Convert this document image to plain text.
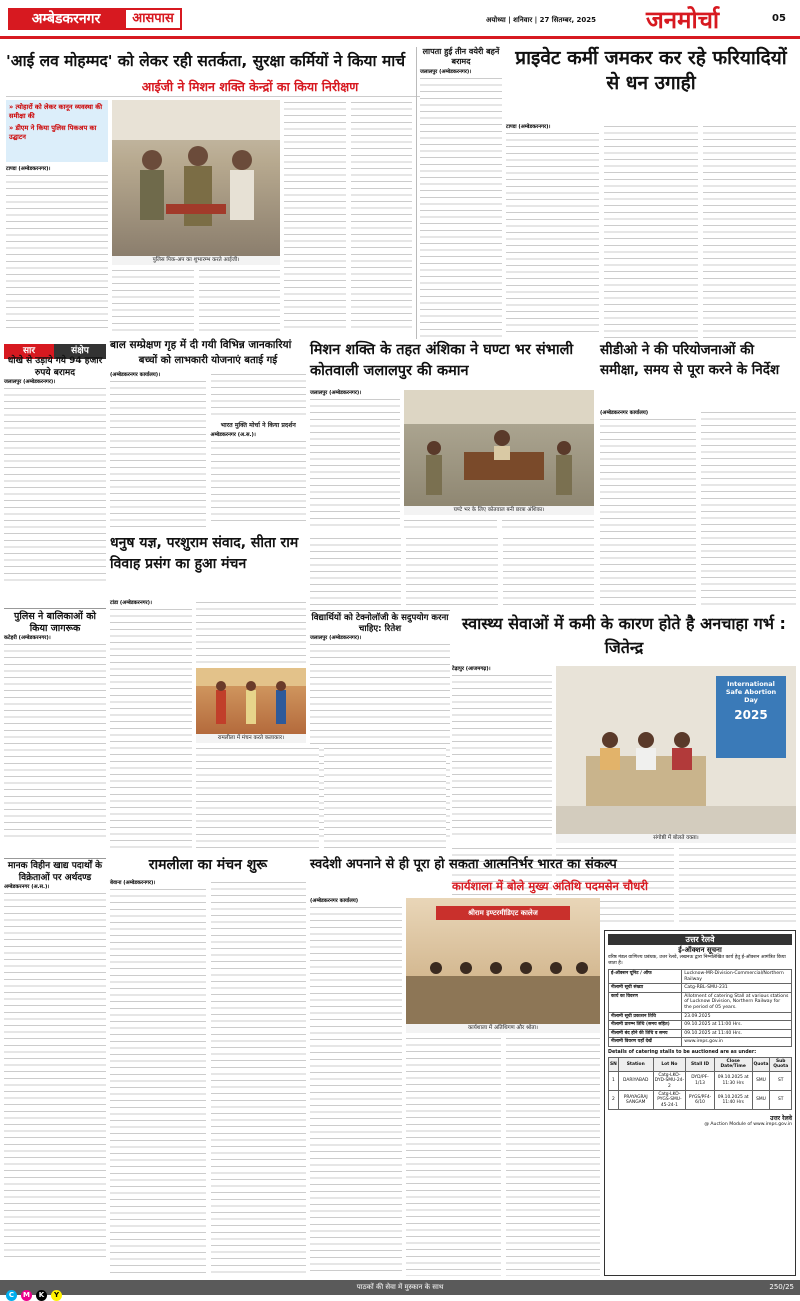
अम्बेडकरनगर	आसपास	अयोध्या | शनिवार | 27 सितम्बर, 2025	जनमोर्चा	05
'आई लव मोहम्मद' को लेकर रही सतर्कता, सुरक्षा कर्मियों ने किया मार्च
आईजी ने मिशन शक्ति केन्द्रों का किया निरीक्षण
» त्योहारों को लेकर कानून व्यवस्था की समीक्षा की
» डीएम ने किया पुलिस पिकअप का उद्घाटन
टाण्डा (अम्बेडकरनगर)।
पुलिस पिक-अप का शुभारम्भ करते आईजी।
लापता हुई तीन वयेरी बहनें बरामद
जलालपुर (अम्बेडकरनगर)।
प्राइवेट कर्मी जमकर कर रहे फरियादियों से धन उगाही
टाण्डा (अम्बेडकरनगर)।
सार	संक्षेप
धोखे से उड़ाये गये 94 हजार रुपये बरामद
जलालपुर (अम्बेडकरनगर)।
पुलिस ने बालिकाओं को किया जागरूक
कटेहरी (अम्बेडकरनगर)।
मानक विहीन खाद्य पदार्थों के विक्रेताओं पर अर्थदण्ड
अम्बेडकरनगर (अ.स.)।
बाल सम्प्रेक्षण गृह में दी गयी विभिन्न जानकारियां
बच्चों को लाभकारी योजनाएं बताई गई
(अम्बेडकरनगर कार्यालय)।
भारत मुक्ति मोर्चा ने किया प्रदर्शन
अम्बेडकरनगर (अ.स.)।
मिशन शक्ति के तहत अंशिका ने घण्टा भर संभाली कोतवाली जलालपुर की कमान
जलालपुर (अम्बेडकरनगर)।
घण्टे भर के लिए कोतवाल बनी छात्रा अंशिका।
सीडीओ ने की परियोजनाओं की समीक्षा, समय से पूरा करने के निर्देश
(अम्बेडकरनगर कार्यालय)
विद्यार्थियों को टेक्नोलॉजी के सदुपयोग करना चाहिए: रितेश
जलालपुर (अम्बेडकरनगर)।
धनुष यज्ञ, परशुराम संवाद, सीता राम विवाह प्रसंग का हुआ मंचन
रामलीला में मंचन करते कलाकार।
टांडा (अम्बेडकरनगर)।
स्वास्थ्य सेवाओं में कमी के कारण होते है अनचाहा गर्भ : जितेन्द्र
टेढ़ापुर (आजमगढ़)।
International Safe Abortion Day
2025
संगोष्ठी में बोलते वक्ता।
रामलीला का मंचन शुरू
बेवाना (अम्बेडकरनगर)।
स्वदेशी अपनाने से ही पूरा हो सकता आत्मनिर्भर भारत का संकल्प
कार्यशाला में बोले मुख्य अतिथि पदमसेन चौधरी
(अम्बेडकरनगर कार्यालय)
श्रीराम इण्टरमीडिएट कालेज
कार्यशाला में अतिथिगण और श्रोता।
उत्तर रेलवे
ई-ऑक्शन सूचना
वरिष्ठ मंडल वाणिज्य प्रबंधक, उत्तर रेलवे, लखनऊ द्वारा निम्नलिखित कार्य हेतु ई-ऑक्शन आमंत्रित किया जाता है।
ई-ऑक्शन यूनिट / ऑफ	Lucknow-MR-Division-Commercial/Northern Railway
नीलामी सूची संख्या	Catg-RBL-SMU-231
कार्य का विवरण	Allotment of catering Stall at various stations of Lucknow Division, Northern Railway for the period of 05 years.
नीलामी सूची प्रकाशन तिथि	23.09.2025
नीलामी प्रारम्भ तिथि (समय सहित)	09.10.2025 at 11:00 Hrs.
नीलामी बंद होने की तिथि व समय	09.10.2025 at 11:40 Hrs.
नीलामी विवरण यहाँ देखें	www.ireps.gov.in
Details of catering stalls to be auctioned are as under:
SN	Station	Lot No	Stall ID	Close Date/Time	Quota	Sub Quota
1	DARIYABAD	Catg-LKO-DYD-SMU-24-2	DYD/PF-1/13	09.10.2025 at 11:30 Hrs	SMU	ST
2	PRAYAGRAJ SANGAM	Catg-LKO-PYGS-SMU-45-24-1	PYGS/PF4-6/10	09.10.2025 at 11:40 Hrs	SMU	ST
उत्तर रेलवे
@ Auction Module of www.ireps.gov.in
C M K Y
पाठकों की सेवा में मुस्कान के साथ	250/25
